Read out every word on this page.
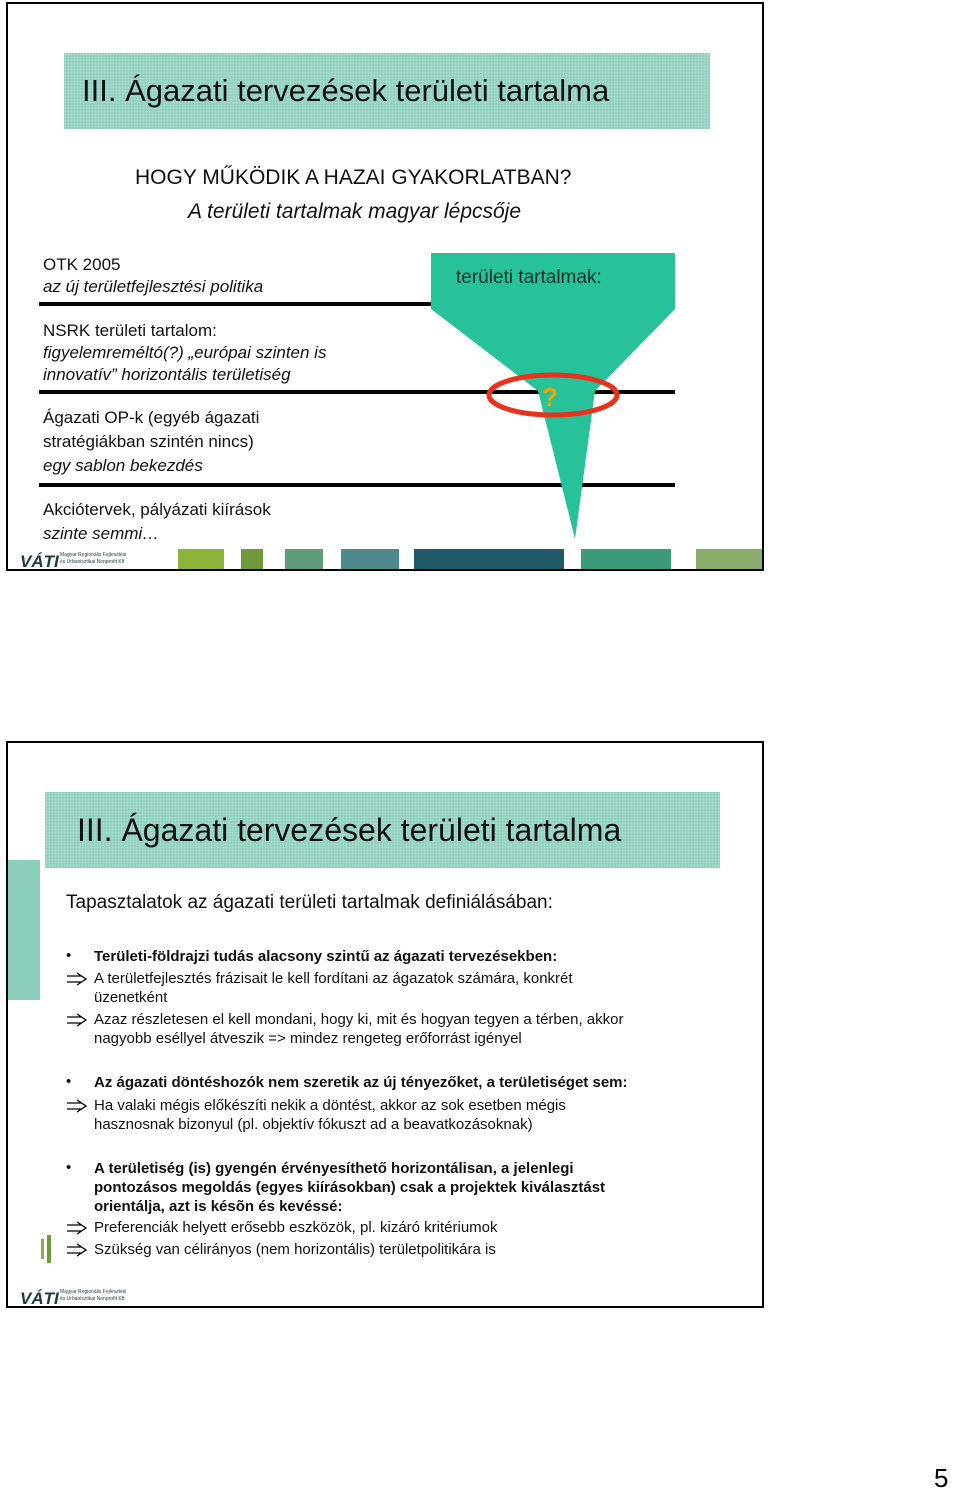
III. Ágazati tervezések területi tartalma
HOGY MŰKÖDIK A HAZAI GYAKORLATBAN?
A területi tartalmak magyar lépcsője
OTK 2005
az új területfejlesztési politika
NSRK területi tartalom:
figyelemreméltó(?) „európai szinten is
innovatív” horizontális területiség
Ágazati OP-k (egyéb ágazati
stratégiákban szintén nincs)
egy sablon bekezdés
Akciótervek, pályázati kiírások
szinte semmi…
területi tartalmak:
?
VÁTI Magyar Regionális Fejlesztési
és Urbanisztikai Nonprofit Kft
III. Ágazati tervezések területi tartalma
Tapasztalatok az ágazati területi tartalmak definiálásában:
• Területi-földrajzi tudás alacsony szintű az ágazati tervezésekben:
A területfejlesztés frázisait le kell fordítani az ágazatok számára, konkrét
üzenetként
Azaz részletesen el kell mondani, hogy ki, mit és hogyan tegyen a térben, akkor
nagyobb eséllyel átveszik => mindez rengeteg erőforrást igényel
• Az ágazati döntéshozók nem szeretik az új tényezőket, a területiséget sem:
Ha valaki mégis előkészíti nekik a döntést, akkor az sok esetben mégis
hasznosnak bizonyul (pl. objektív fókuszt ad a beavatkozásoknak)
• A területiség (is) gyengén érvényesíthető horizontálisan, a jelenlegi
pontozásos megoldás (egyes kiírásokban) csak a projektek kiválasztást
orientálja, azt is késõn és kevéssé:
Preferenciák helyett erősebb eszközök, pl. kizáró kritériumok
Szükség van célirányos (nem horizontális) területpolitikára is
VÁTI Magyar Regionális Fejlesztési
és Urbanisztikai Nonprofit Kft
5
